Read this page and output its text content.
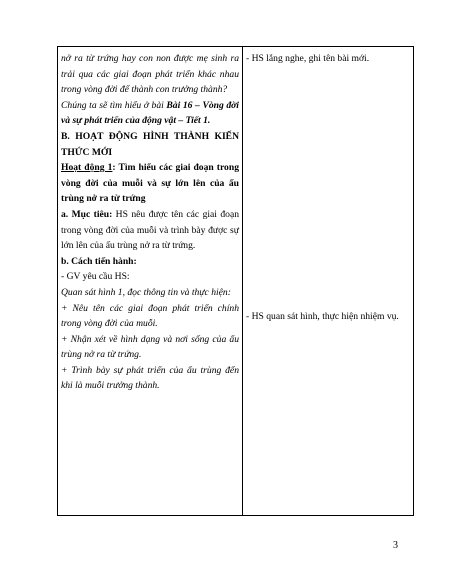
nở ra từ trứng hay con non được mẹ sinh ra

trải qua các giai đoạn phát triển khác nhau

trong vòng đời để thành con trưởng thành?

Chúng ta sẽ tìm hiểu ở bài Bài 16 – Vòng đời và sự phát triển của động vật – Tiết 1.

B. HOẠT ĐỘNG HÌNH THÀNH KIẾN THỨC MỚI

Hoạt động 1: Tìm hiểu các giai đoạn trong vòng đời của muỗi và sự lớn lên của ấu trùng nở ra từ trứng

a. Mục tiêu: HS nêu được tên các giai đoạn trong vòng đời của muỗi và trình bày được sự lớn lên của ấu trùng nở ra từ trứng.

b. Cách tiến hành:

- GV yêu cầu HS:

Quan sát hình 1, đọc thông tin và thực hiện:

+ Nêu tên các giai đoạn phát triển chính trong vòng đời của muỗi.

+ Nhận xét về hình dạng và nơi sống của ấu trùng nở ra từ trứng.

+ Trình bày sự phát triển của ấu trùng đến khi là muỗi trưởng thành.

- HS lắng nghe, ghi tên bài mới.

- HS quan sát hình, thực hiện nhiệm vụ.

3
